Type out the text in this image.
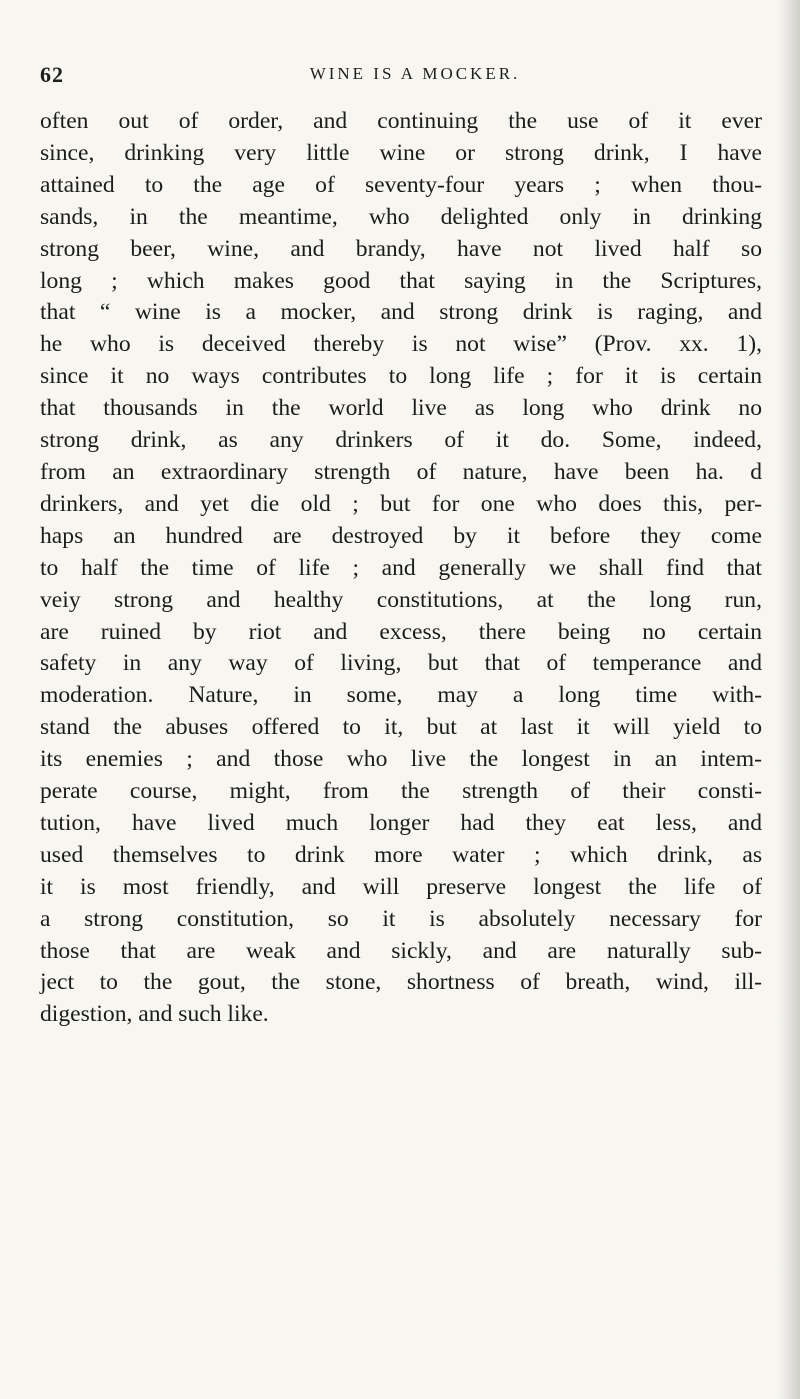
62	WINE IS A MOCKER.
often out of order, and continuing the use of it ever
since, drinking very little wine or strong drink, I have
attained to the age of seventy-four years ; when thou-
sands, in the meantime, who delighted only in drinking
strong beer, wine, and brandy, have not lived half so
long ; which makes good that saying in the Scriptures,
that “ wine is a mocker, and strong drink is raging, and
he who is deceived thereby is not wise” (Prov. xx. 1),
since it no ways contributes to long life ; for it is certain
that thousands in the world live as long who drink no
strong drink, as any drinkers of it do. Some, indeed,
from an extraordinary strength of nature, have been ha. d
drinkers, and yet die old ; but for one who does this, per-
haps an hundred are destroyed by it before they come
to half the time of life ; and generally we shall find that
veiy strong and healthy constitutions, at the long run,
are ruined by riot and excess, there being no certain
safety in any way of living, but that of temperance and
moderation. Nature, in some, may a long time with-
stand the abuses offered to it, but at last it will yield to
its enemies ; and those who live the longest in an intem-
perate course, might, from the strength of their consti-
tution, have lived much longer had they eat less, and
used themselves to drink more water ; which drink, as
it is most friendly, and will preserve longest the life of
a strong constitution, so it is absolutely necessary for
those that are weak and sickly, and are naturally sub-
ject to the gout, the stone, shortness of breath, wind, ill-
digestion, and such like.
